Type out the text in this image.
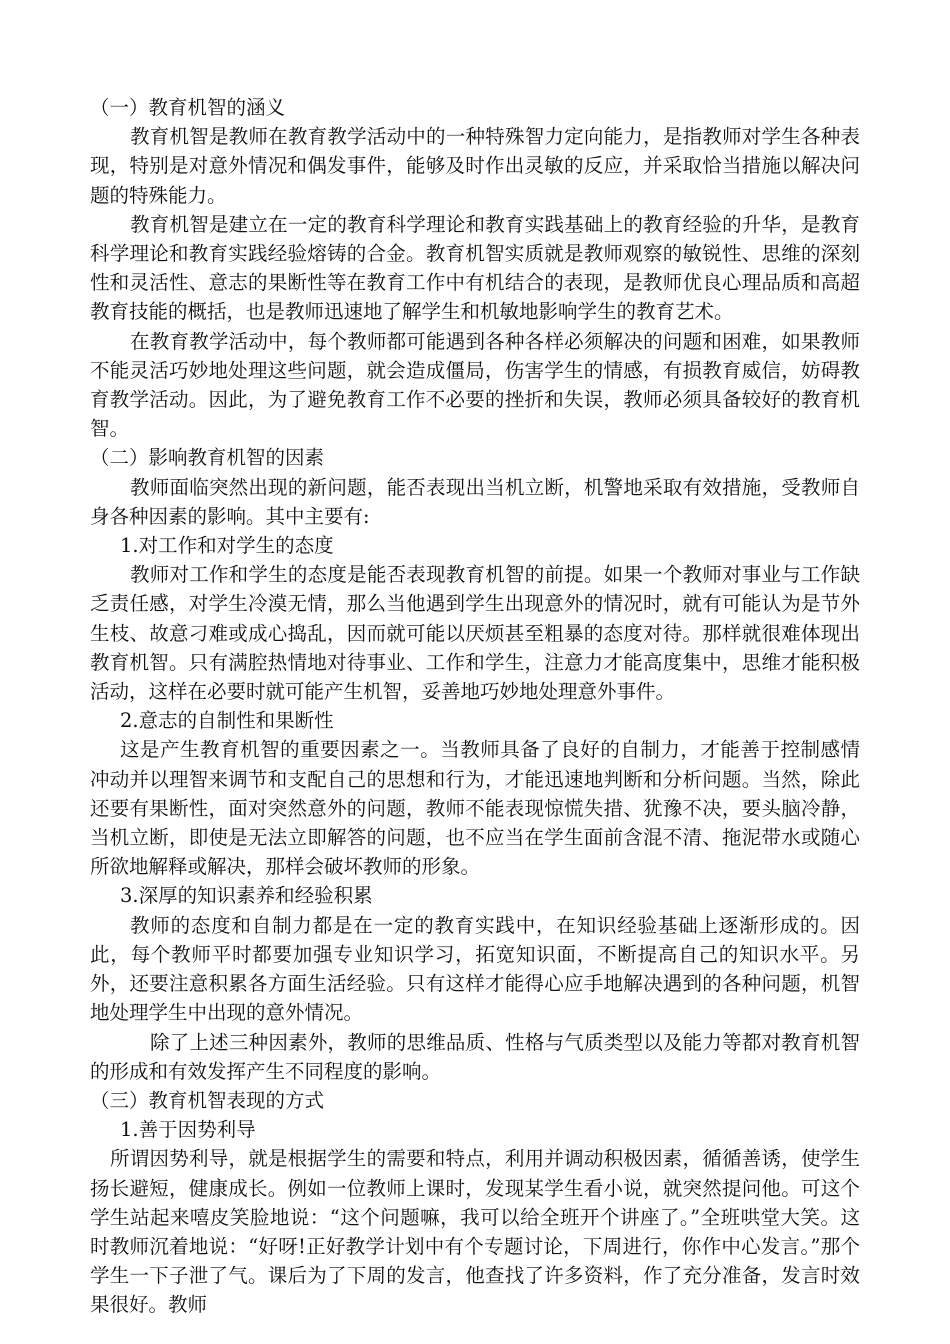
（一）教育机智的涵义

教育机智是教师在教育教学活动中的一种特殊智力定向能力，是指教师对学生各种表现，特别是对意外情况和偶发事件，能够及时作出灵敏的反应，并采取恰当措施以解决问题的特殊能力。

教育机智是建立在一定的教育科学理论和教育实践基础上的教育经验的升华，是教育科学理论和教育实践经验熔铸的合金。教育机智实质就是教师观察的敏锐性、思维的深刻性和灵活性、意志的果断性等在教育工作中有机结合的表现，是教师优良心理品质和高超教育技能的概括，也是教师迅速地了解学生和机敏地影响学生的教育艺术。

在教育教学活动中，每个教师都可能遇到各种各样必须解决的问题和困难，如果教师不能灵活巧妙地处理这些问题，就会造成僵局，伤害学生的情感，有损教育威信，妨碍教育教学活动。因此，为了避免教育工作不必要的挫折和失误，教师必须具备较好的教育机智。

（二）影响教育机智的因素

教师面临突然出现的新问题，能否表现出当机立断，机警地采取有效措施，受教师自身各种因素的影响。其中主要有:

1.对工作和对学生的态度

教师对工作和学生的态度是能否表现教育机智的前提。如果一个教师对事业与工作缺乏责任感，对学生冷漠无情，那么当他遇到学生出现意外的情况时，就有可能认为是节外生枝、故意刁难或成心捣乱，因而就可能以厌烦甚至粗暴的态度对待。那样就很难体现出教育机智。只有满腔热情地对待事业、工作和学生，注意力才能高度集中，思维才能积极活动，这样在必要时就可能产生机智，妥善地巧妙地处理意外事件。

2.意志的自制性和果断性

这是产生教育机智的重要因素之一。当教师具备了良好的自制力，才能善于控制感情冲动并以理智来调节和支配自己的思想和行为，才能迅速地判断和分析问题。当然，除此还要有果断性，面对突然意外的问题，教师不能表现惊慌失措、犹豫不决，要头脑冷静，当机立断，即使是无法立即解答的问题，也不应当在学生面前含混不清、拖泥带水或随心所欲地解释或解决，那样会破坏教师的形象。

3.深厚的知识素养和经验积累

教师的态度和自制力都是在一定的教育实践中，在知识经验基础上逐渐形成的。因此，每个教师平时都要加强专业知识学习，拓宽知识面，不断提高自己的知识水平。另外，还要注意积累各方面生活经验。只有这样才能得心应手地解决遇到的各种问题，机智地处理学生中出现的意外情况。

除了上述三种因素外，教师的思维品质、性格与气质类型以及能力等都对教育机智的形成和有效发挥产生不同程度的影响。

（三）教育机智表现的方式

1.善于因势利导

所谓因势利导，就是根据学生的需要和特点，利用并调动积极因素，循循善诱，使学生扬长避短，健康成长。例如一位教师上课时，发现某学生看小说，就突然提问他。可这个学生站起来嘻皮笑脸地说：“这个问题嘛，我可以给全班开个讲座了。”全班哄堂大笑。这时教师沉着地说：“好呀!正好教学计划中有个专题讨论，下周进行，你作中心发言。”那个学生一下子泄了气。课后为了下周的发言，他查找了许多资料，作了充分准备，发言时效果很好。教师
